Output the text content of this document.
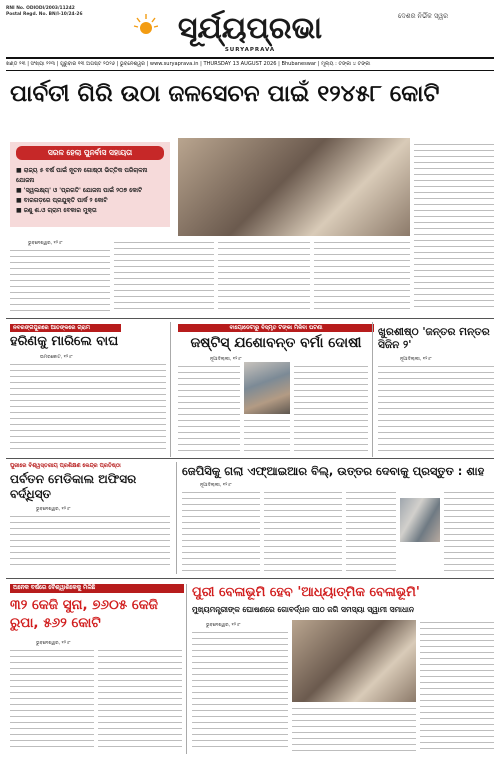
RNI No. ODIODI/2003/11242
Postal Regd. No. BN/I-10/24-26	ସୂର୍ଯ୍ୟପ୍ରଭା
SURYAPRAVA
ଦେଶର ନିର୍ଭିକ ସ୍ୱର
ଖଣ୍ଡ ୨୩ | ସଂଖ୍ୟା ୨୨୩ | ଗୁରୁବାର ୧୩ ଅଗଷ୍ଟ ୨୦୨୬ | ଭୁବନେଶ୍ୱର | www.suryaprava.in | THURSDAY 13 AUGUST 2026 | Bhubaneswar | ମୂଲ୍ୟ : ଟଙ୍କା ୪ ଟଙ୍କା
ପାର୍ବତୀ ଗିରି ଉଠା ଜଳସେଚନ ପାଇଁ ୧୨୪୫୮ କୋଟି
ସରଳ ହେଲା ପୁନର୍ବାସ ସହାୟତା
■ ରାଜ୍ୟ ୫ ବର୍ଷ ପାଇଁ ନୂତନ ଗୋଷ୍ଠୀ ଭିତ୍ତିକ ପରିଚାଳନା ଯୋଜନା
■ 'ସ୍ୱଲକ୍ଷ୍ୟ' ଓ 'ପ୍ରଗତି' ଯୋଜନା ପାଇଁ ୨୦୭ କୋଟି
■ ବାରଗଡ଼ରେ ପ୍ରଯୁକ୍ତି ପାର୍କ ୨ କୋଟି
■ ଜଣୁ ଶ.ଓ ଗ୍ରାମ ବେକାର ମୁକ୍ତା
ଭୁବନେଶ୍ୱର, ୧୨।୮
ନବରଙ୍ଗପୁରରେ ଆତଙ୍କରେ ଗ୍ରାମ
ହରିଣକୁ ମାରିଲେ ବାଘ
ଉମରକୋଟ, ୧୨।୮
ବାୟୋଡେଟାରୁ ବିସ୍ମୃତ ଟଙ୍କା ମିଳିବା ଘଟଣା
ଜଷ୍ଟିସ୍ ଯଶୋବନ୍ତ ବର୍ମା ଦୋଷୀ
ନୂଆଦିଲ୍ଲୀ, ୧୨।୮
ଖୁରଶୀଷ୍ଠ 'ଜନ୍ତର ମନ୍ତର ସିଜିନ ୨'
ନୂଆଦିଲ୍ଲୀ, ୧୨।୮
ପୁରୀରେ ବିଶ୍ୱସ୍ତରୀୟ ପ୍ରଶିକ୍ଷଣ କେନ୍ଦ୍ର ପ୍ରତିଷ୍ଠା
ପର୍ବତନ ମେଡିକାଲ ଅଫିସର ବର୍ଦ୍ଧିସ୍ତ
ଭୁବନେଶ୍ୱର, ୧୨।୮
ଜେପିସିକୁ ଗଲା ଏଫ୍ଆଇଆର ବିଲ୍, ଉତ୍ତର ଦେବାକୁ ପ୍ରସ୍ତୁତ : ଶାହ
ନୂଆଦିଲ୍ଲୀ, ୧୨।୮
ଅନେକ ବର୍ଷରେ ବୈଶ୍ୱାଶିକେକୁ ମିଳିଛି
୩୨ କେଜି ସୁନା, ୭୬୦୫ କେଜି ରୁପା, ୫୬୨ କୋଟି
ଭୁବନେଶ୍ୱର, ୧୨।୮
ପୁରୀ ବେଳାଭୂମି ହେବ 'ଆଧ୍ୟାତ୍ମିକ ବେଳାଭୂମି'
ମୁଖ୍ୟମନ୍ତ୍ରୀଙ୍କ ଘୋଷଣରେ ଗୋବର୍ଦ୍ଧନ ପୀଠ ଜଗି ସମସ୍ୟା ସ୍ୱାମୀ ସମାଧାନ
ଭୁବନେଶ୍ୱର, ୧୨।୮
